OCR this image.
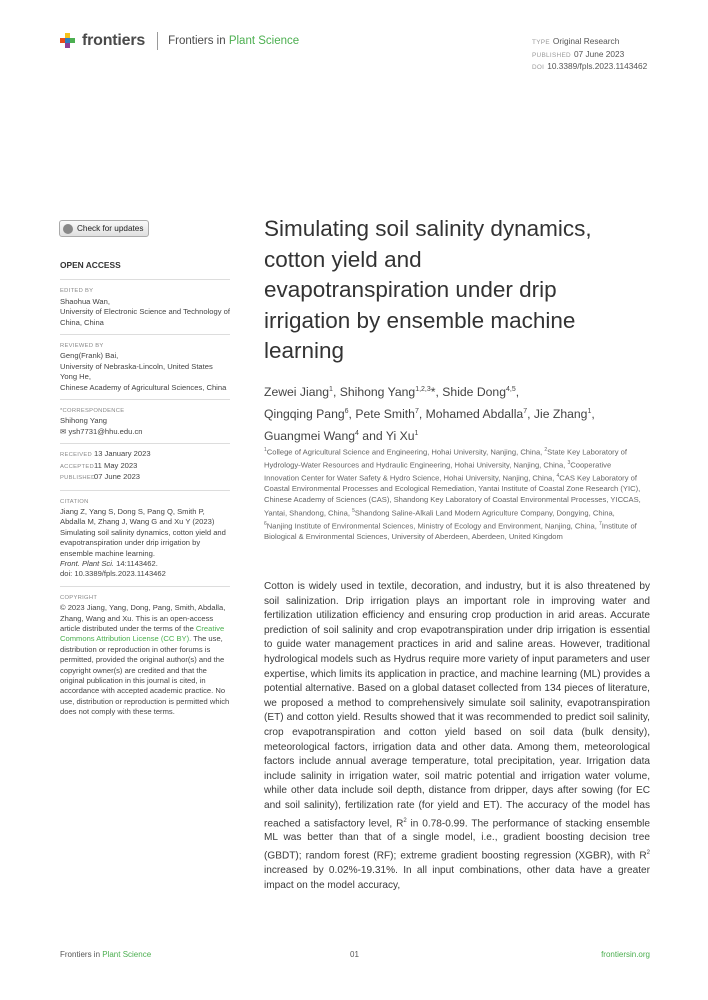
frontiers Frontiers in Plant Science	TYPE Original Research
PUBLISHED 07 June 2023
DOI 10.3389/fpls.2023.1143462
Check for updates
OPEN ACCESS
EDITED BY
Shaohua Wan,
University of Electronic Science and Technology of China, China
REVIEWED BY
Geng(Frank) Bai,
University of Nebraska-Lincoln, United States
Yong He,
Chinese Academy of Agricultural Sciences, China
*CORRESPONDENCE
Shihong Yang
✉ ysh7731@hhu.edu.cn
RECEIVED 13 January 2023
ACCEPTED11 May 2023
PUBLISHED07 June 2023
CITATION
Jiang Z, Yang S, Dong S, Pang Q, Smith P, Abdalla M, Zhang J, Wang G and Xu Y (2023) Simulating soil salinity dynamics, cotton yield and evapotranspiration under drip irrigation by ensemble machine learning.
Front. Plant Sci. 14:1143462.
doi: 10.3389/fpls.2023.1143462
COPYRIGHT
© 2023 Jiang, Yang, Dong, Pang, Smith, Abdalla, Zhang, Wang and Xu. This is an open-access article distributed under the terms of the Creative Commons Attribution License (CC BY). The use, distribution or reproduction in other forums is permitted, provided the original author(s) and the copyright owner(s) are credited and that the original publication in this journal is cited, in accordance with accepted academic practice. No use, distribution or reproduction is permitted which does not comply with these terms.
Simulating soil salinity dynamics, cotton yield and evapotranspiration under drip irrigation by ensemble machine learning
Zewei Jiang$^1$, Shihong Yang$^{1,2,3}$*, Shide Dong$^{4,5}$,
Qingqing Pang$^6$, Pete Smith$^7$, Mohamed Abdalla$^7$, Jie Zhang$^1$,
Guangmei Wang$^4$ and Yi Xu$^1$
$^1$College of Agricultural Science and Engineering, Hohai University, Nanjing, China, $^2$State Key Laboratory of Hydrology-Water Resources and Hydraulic Engineering, Hohai University, Nanjing, China, $^3$Cooperative Innovation Center for Water Safety & Hydro Science, Hohai University, Nanjing, China, $^4$CAS Key Laboratory of Coastal Environmental Processes and Ecological Remediation, Yantai Institute of Coastal Zone Research (YIC), Chinese Academy of Sciences (CAS), Shandong Key Laboratory of Coastal Environmental Processes, YICCAS, Yantai, Shandong, China, $^5$Shandong Saline-Alkali Land Modern Agriculture Company, Dongying, China, $^6$Nanjing Institute of Environmental Sciences, Ministry of Ecology and Environment, Nanjing, China, $^7$Institute of Biological & Environmental Sciences, University of Aberdeen, Aberdeen, United Kingdom
Cotton is widely used in textile, decoration, and industry, but it is also threatened by soil salinization. Drip irrigation plays an important role in improving water and fertilization utilization efficiency and ensuring crop production in arid areas. Accurate prediction of soil salinity and crop evapotranspiration under drip irrigation is essential to guide water management practices in arid and saline areas. However, traditional hydrological models such as Hydrus require more variety of input parameters and user expertise, which limits its application in practice, and machine learning (ML) provides a potential alternative. Based on a global dataset collected from 134 pieces of literature, we proposed a method to comprehensively simulate soil salinity, evapotranspiration (ET) and cotton yield. Results showed that it was recommended to predict soil salinity, crop evapotranspiration and cotton yield based on soil data (bulk density), meteorological factors, irrigation data and other data. Among them, meteorological factors include annual average temperature, total precipitation, year. Irrigation data include salinity in irrigation water, soil matric potential and irrigation water volume, while other data include soil depth, distance from dripper, days after sowing (for EC and soil salinity), fertilization rate (for yield and ET). The accuracy of the model has reached a satisfactory level, $R^2$ in 0.78-0.99. The performance of stacking ensemble ML was better than that of a single model, i.e., gradient boosting decision tree (GBDT); random forest (RF); extreme gradient boosting regression (XGBR), with $R^2$ increased by 0.02%-19.31%. In all input combinations, other data have a greater impact on the model accuracy,
Frontiers in Plant Science	01	frontiersin.org
